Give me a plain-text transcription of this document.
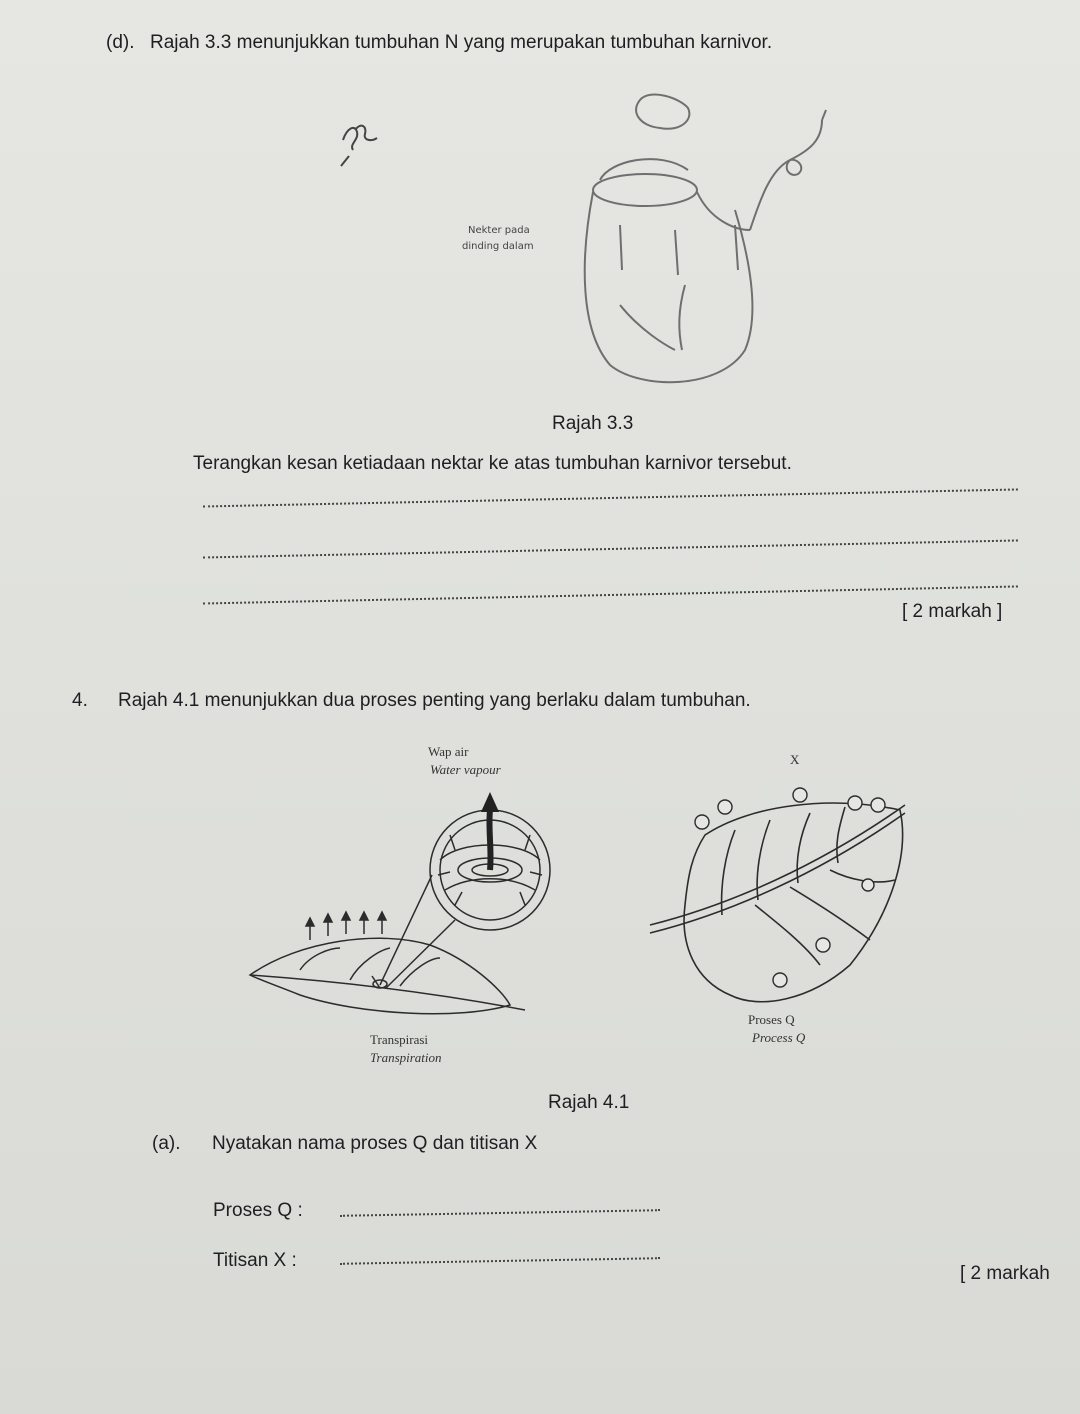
(d). Rajah 3.3 menunjukkan tumbuhan N yang merupakan tumbuhan karnivor.
Nekter pada
dinding dalam
Rajah 3.3
Terangkan kesan ketiadaan nektar ke atas tumbuhan karnivor tersebut.
[ 2 markah ]
4. Rajah 4.1 menunjukkan dua proses penting yang berlaku dalam tumbuhan.
Wap air
Water vapour
Transpirasi
Transpiration
X
Proses Q
Process Q
Rajah 4.1
(a). Nyatakan nama proses Q dan titisan X
Proses Q :
Titisan X :
[ 2 markah
